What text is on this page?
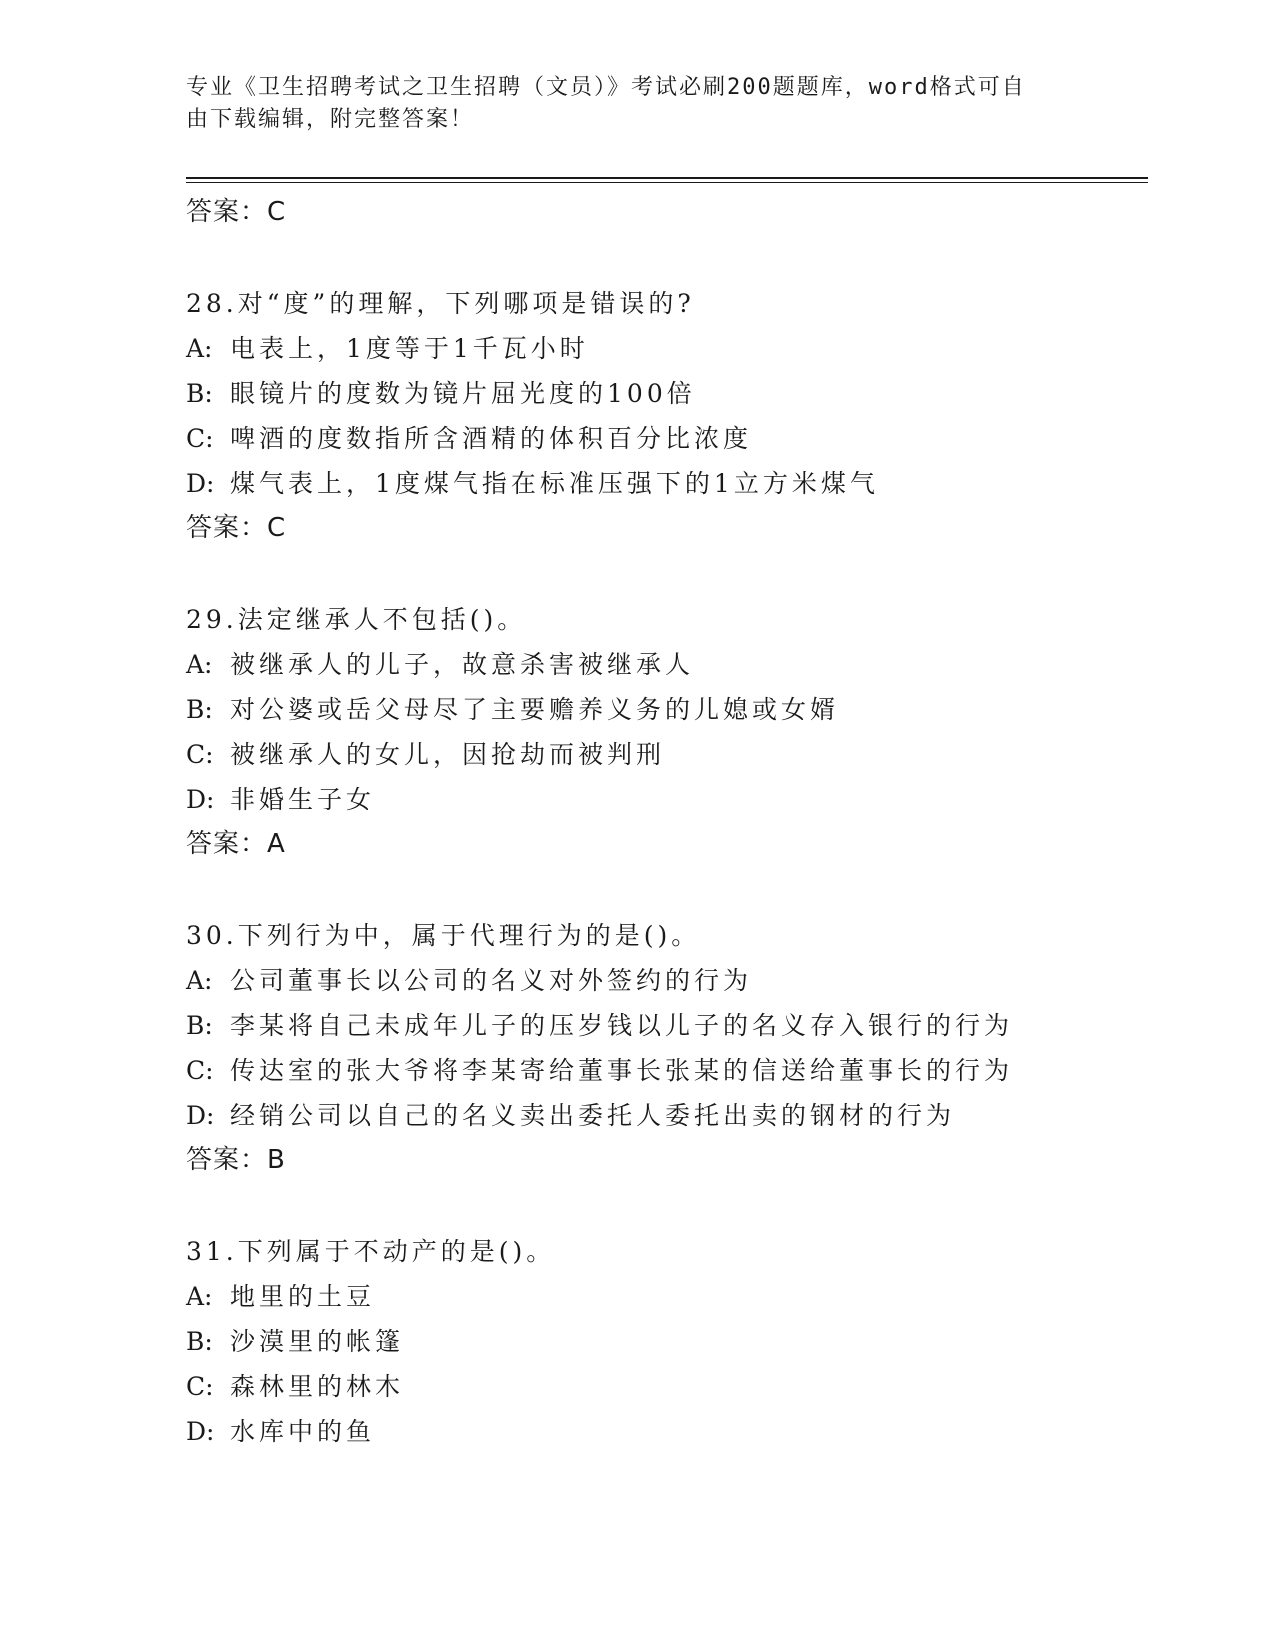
专业《卫生招聘考试之卫生招聘（文员）》考试必刷200题题库，word格式可自
由下载编辑，附完整答案！
答案：C
28.对“度”的理解，下列哪项是错误的?
A: 电表上，1度等于1千瓦小时
B: 眼镜片的度数为镜片屈光度的100倍
C: 啤酒的度数指所含酒精的体积百分比浓度
D: 煤气表上，1度煤气指在标准压强下的1立方米煤气
答案：C
29.法定继承人不包括()。
A: 被继承人的儿子，故意杀害被继承人
B: 对公婆或岳父母尽了主要赡养义务的儿媳或女婿
C: 被继承人的女儿，因抢劫而被判刑
D: 非婚生子女
答案：A
30.下列行为中，属于代理行为的是()。
A: 公司董事长以公司的名义对外签约的行为
B: 李某将自己未成年儿子的压岁钱以儿子的名义存入银行的行为
C: 传达室的张大爷将李某寄给董事长张某的信送给董事长的行为
D: 经销公司以自己的名义卖出委托人委托出卖的钢材的行为
答案：B
31.下列属于不动产的是()。
A: 地里的土豆
B: 沙漠里的帐篷
C: 森林里的林木
D: 水库中的鱼
